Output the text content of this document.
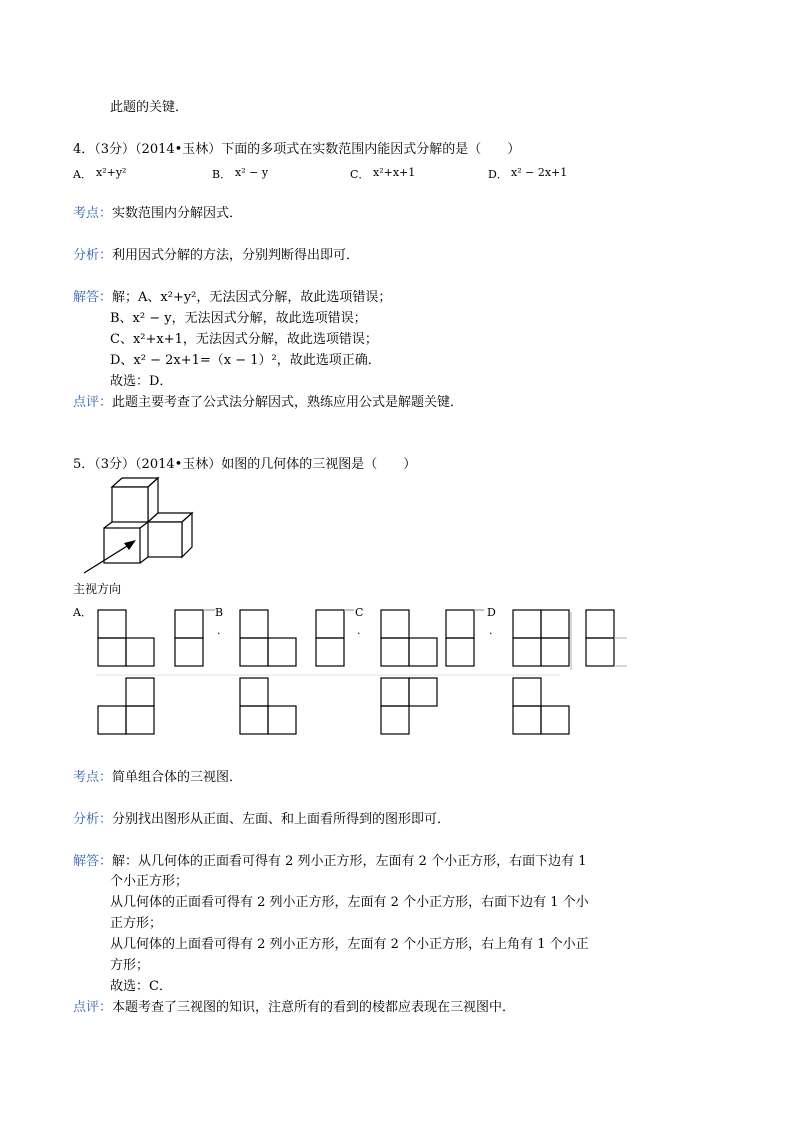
此题的关键．
4．（3分）（2014•玉林）下面的多项式在实数范围内能因式分解的是（　　）
A． x²+y²	B． x² − y	C． x²+x+1	D． x² − 2x+1
考点：实数范围内分解因式．
分析：利用因式分解的方法，分别判断得出即可．
解答：解；A、x²+y²，无法因式分解，故此选项错误；
B、x² − y，无法因式分解，故此选项错误；
C、x²+x+1，无法因式分解，故此选项错误；
D、x² − 2x+1=（x − 1）²，故此选项正确．
故选：D．
点评：此题主要考查了公式法分解因式，熟练应用公式是解题关键．
5．（3分）（2014•玉林）如图的几何体的三视图是（　　）
主视方向
A．	B
.
C
.
D
.
考点：简单组合体的三视图．
分析：分别找出图形从正面、左面、和上面看所得到的图形即可．
解答：解：从几何体的正面看可得有 2 列小正方形，左面有 2 个小正方形，右面下边有 1
个小正方形；
从几何体的正面看可得有 2 列小正方形，左面有 2 个小正方形，右面下边有 1 个小
正方形；
从几何体的上面看可得有 2 列小正方形，左面有 2 个小正方形，右上角有 1 个小正
方形；
故选：C．
点评：本题考查了三视图的知识，注意所有的看到的棱都应表现在三视图中．
